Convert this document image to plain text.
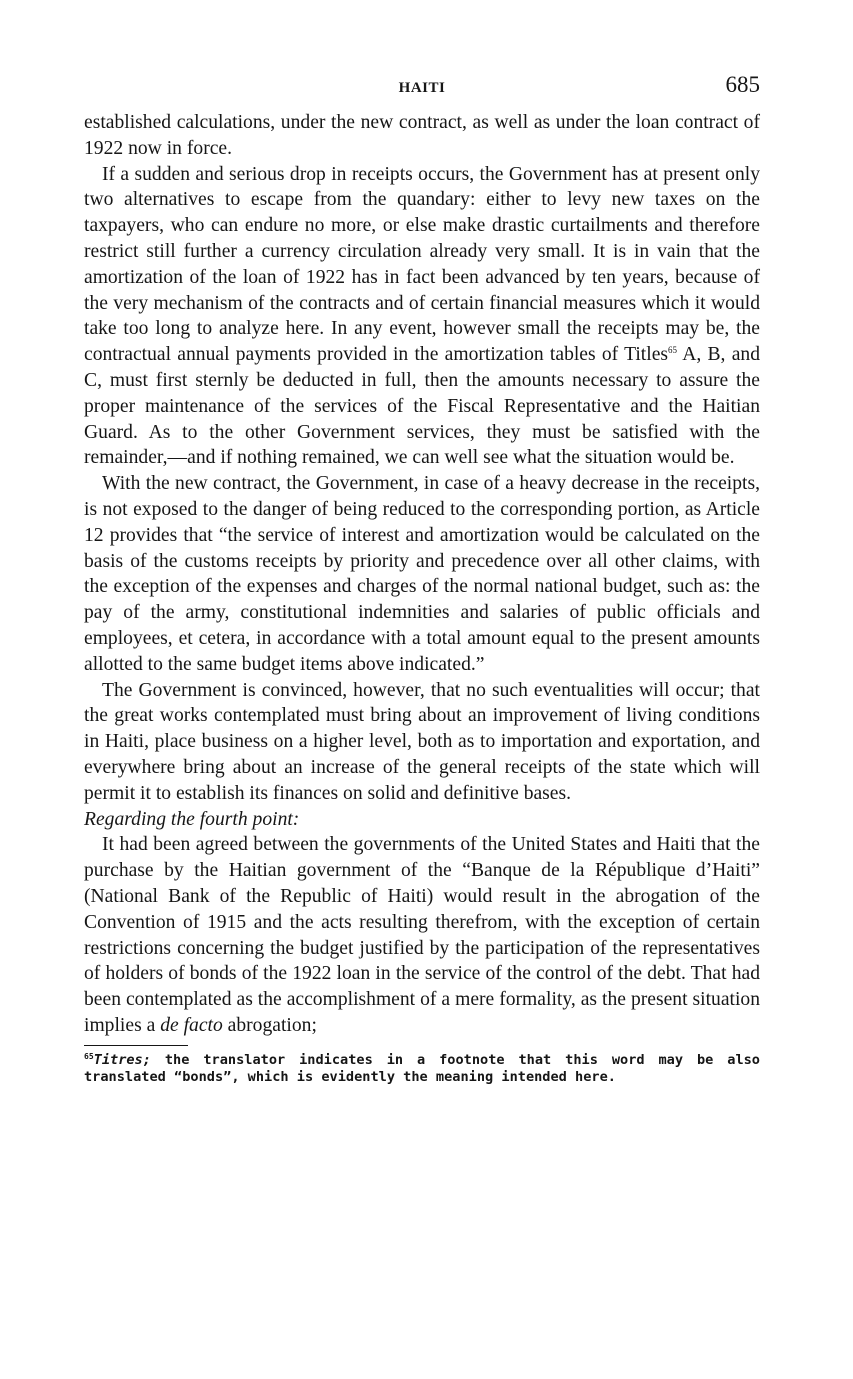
HAITI	685

established calculations, under the new contract, as well as under the loan contract of 1922 now in force.

If a sudden and serious drop in receipts occurs, the Government has at present only two alternatives to escape from the quandary: either to levy new taxes on the taxpayers, who can endure no more, or else make drastic curtailments and therefore restrict still further a currency circulation already very small. It is in vain that the amortization of the loan of 1922 has in fact been advanced by ten years, because of the very mechanism of the contracts and of certain financial measures which it would take too long to analyze here. In any event, however small the receipts may be, the contractual annual payments provided in the amortization tables of Titles$^{65}$ A, B, and C, must first sternly be deducted in full, then the amounts necessary to assure the proper maintenance of the services of the Fiscal Representative and the Haitian Guard. As to the other Government services, they must be satisfied with the remainder,—and if nothing remained, we can well see what the situation would be.

With the new contract, the Government, in case of a heavy decrease in the receipts, is not exposed to the danger of being reduced to the corresponding portion, as Article 12 provides that “the service of interest and amortization would be calculated on the basis of the customs receipts by priority and precedence over all other claims, with the exception of the expenses and charges of the normal national budget, such as: the pay of the army, constitutional indemnities and salaries of public officials and employees, et cetera, in accordance with a total amount equal to the present amounts allotted to the same budget items above indicated.”

The Government is convinced, however, that no such eventualities will occur; that the great works contemplated must bring about an improvement of living conditions in Haiti, place business on a higher level, both as to importation and exportation, and everywhere bring about an increase of the general receipts of the state which will permit it to establish its finances on solid and definitive bases.

Regarding the fourth point:

It had been agreed between the governments of the United States and Haiti that the purchase by the Haitian government of the “Banque de la République d’Haiti” (National Bank of the Republic of Haiti) would result in the abrogation of the Convention of 1915 and the acts resulting therefrom, with the exception of certain restrictions concerning the budget justified by the participation of the representatives of holders of bonds of the 1922 loan in the service of the control of the debt. That had been contemplated as the accomplishment of a mere formality, as the present situation implies a de facto abrogation;

$^{65}$Titres; the translator indicates in a footnote that this word may be also translated “bonds”, which is evidently the meaning intended here.
